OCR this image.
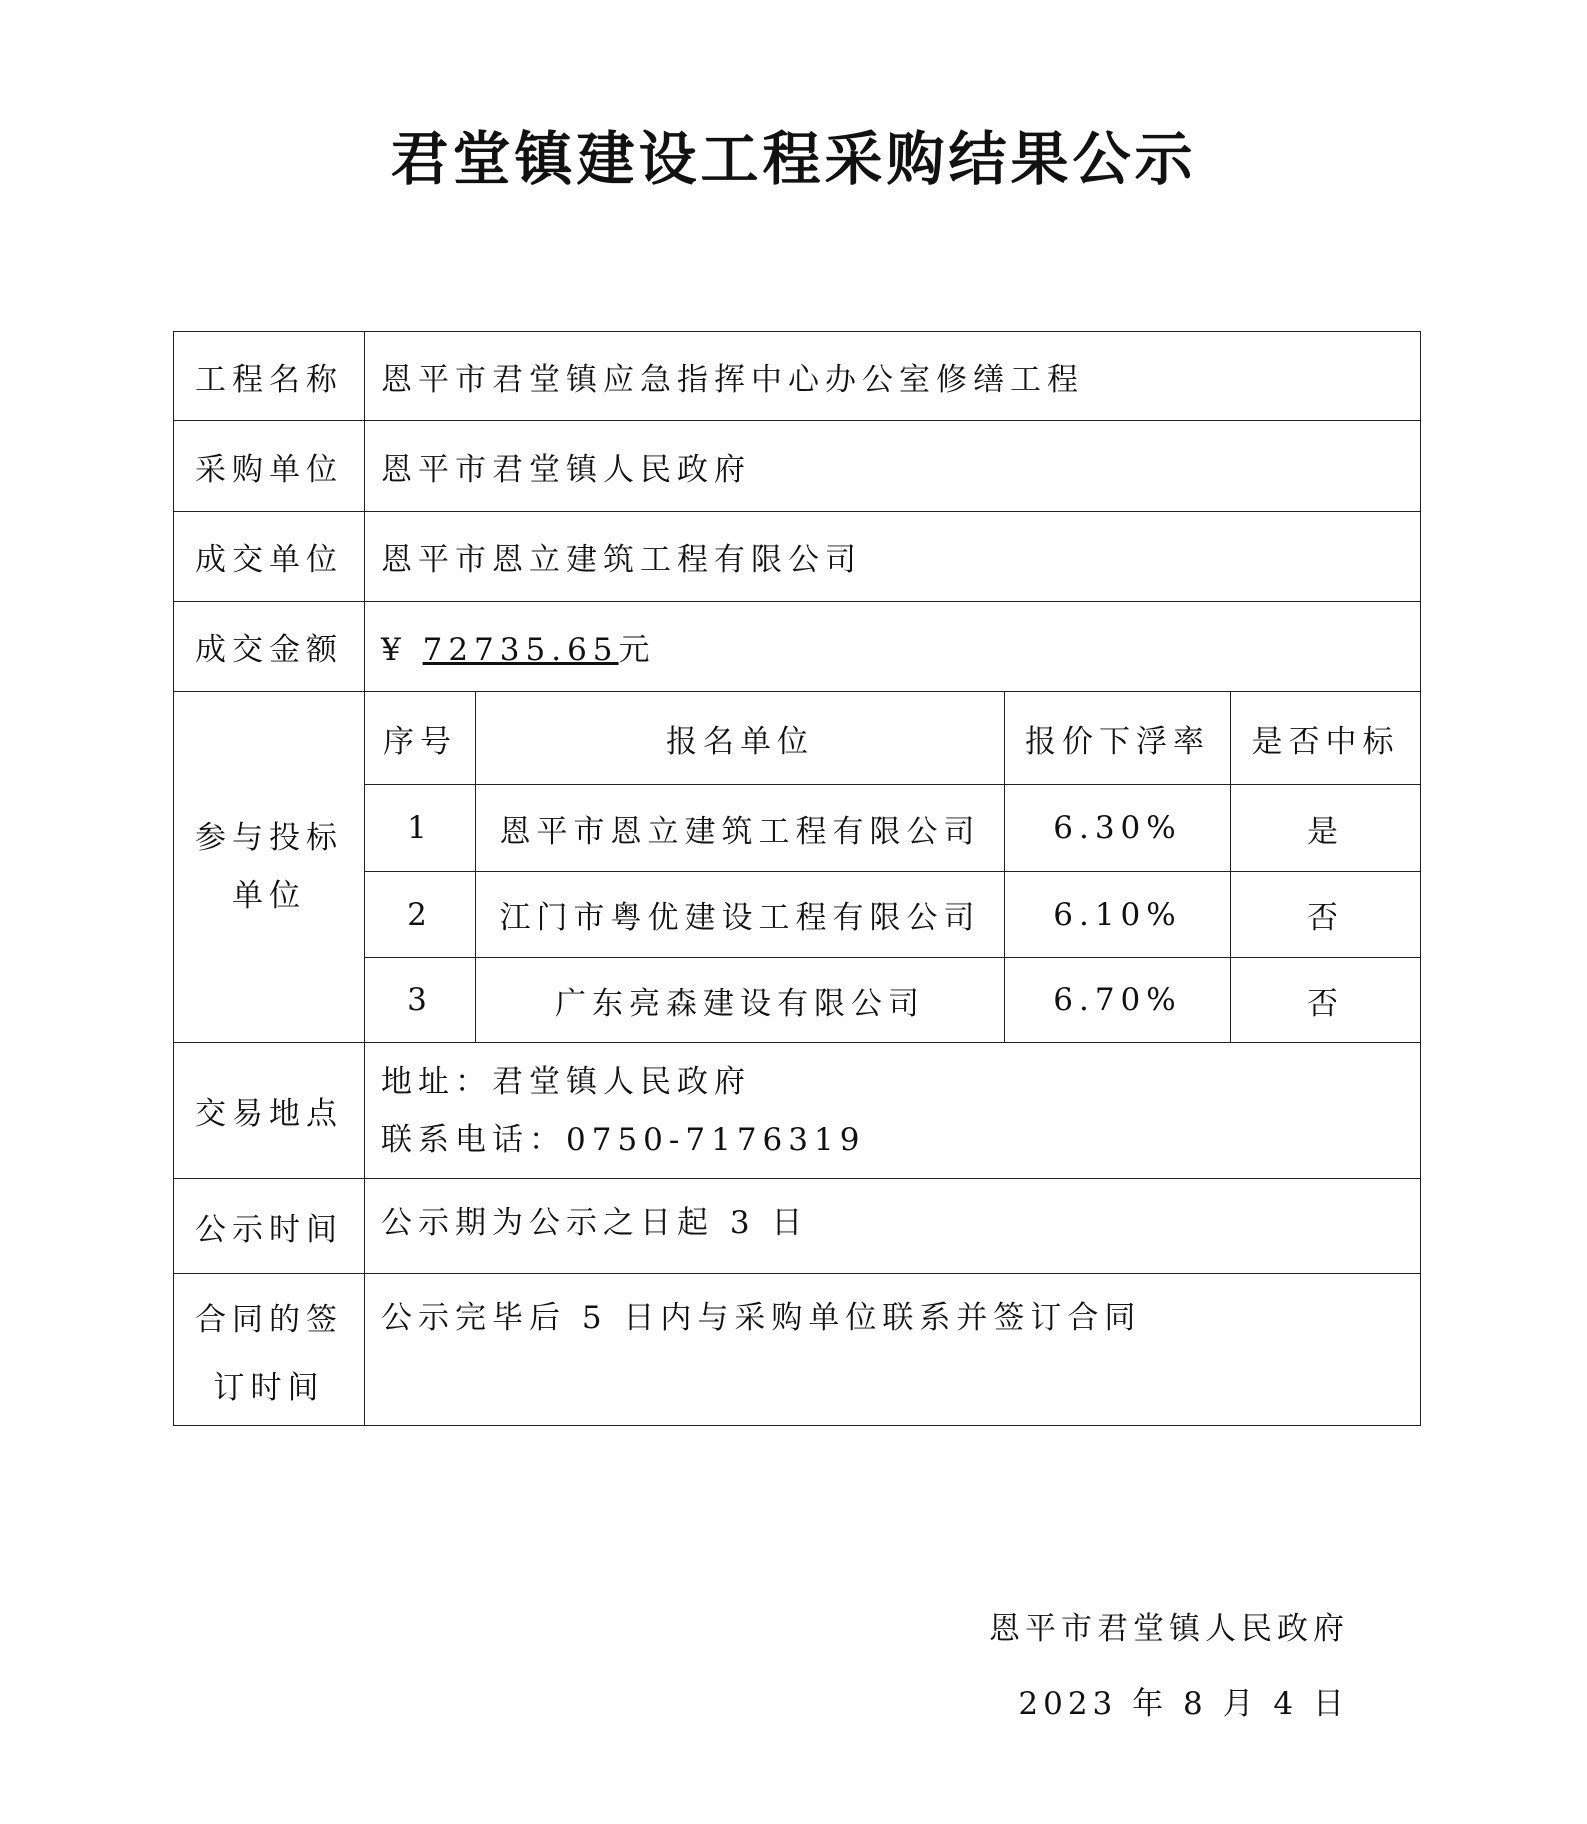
君堂镇建设工程采购结果公示
工程名称	恩平市君堂镇应急指挥中心办公室修缮工程			
采购单位	恩平市君堂镇人民政府			
成交单位	恩平市恩立建筑工程有限公司			
成交金额	¥ 72735.65元			

参与投标
单位	序号	报名单位	报价下浮率	是否中标
	1	恩平市恩立建筑工程有限公司	6.30%	是
	2	江门市粤优建设工程有限公司	6.10%	否
	3	广东亮森建设有限公司	6.70%	否
交易地点	地址：君堂镇人民政府
联系电话：0750-7176319			

公示时间	公示期为公示之日起 3 日			

合同的签
订时间	公示完毕后 5 日内与采购单位联系并签订合同			
恩平市君堂镇人民政府
2023 年 8 月 4 日
